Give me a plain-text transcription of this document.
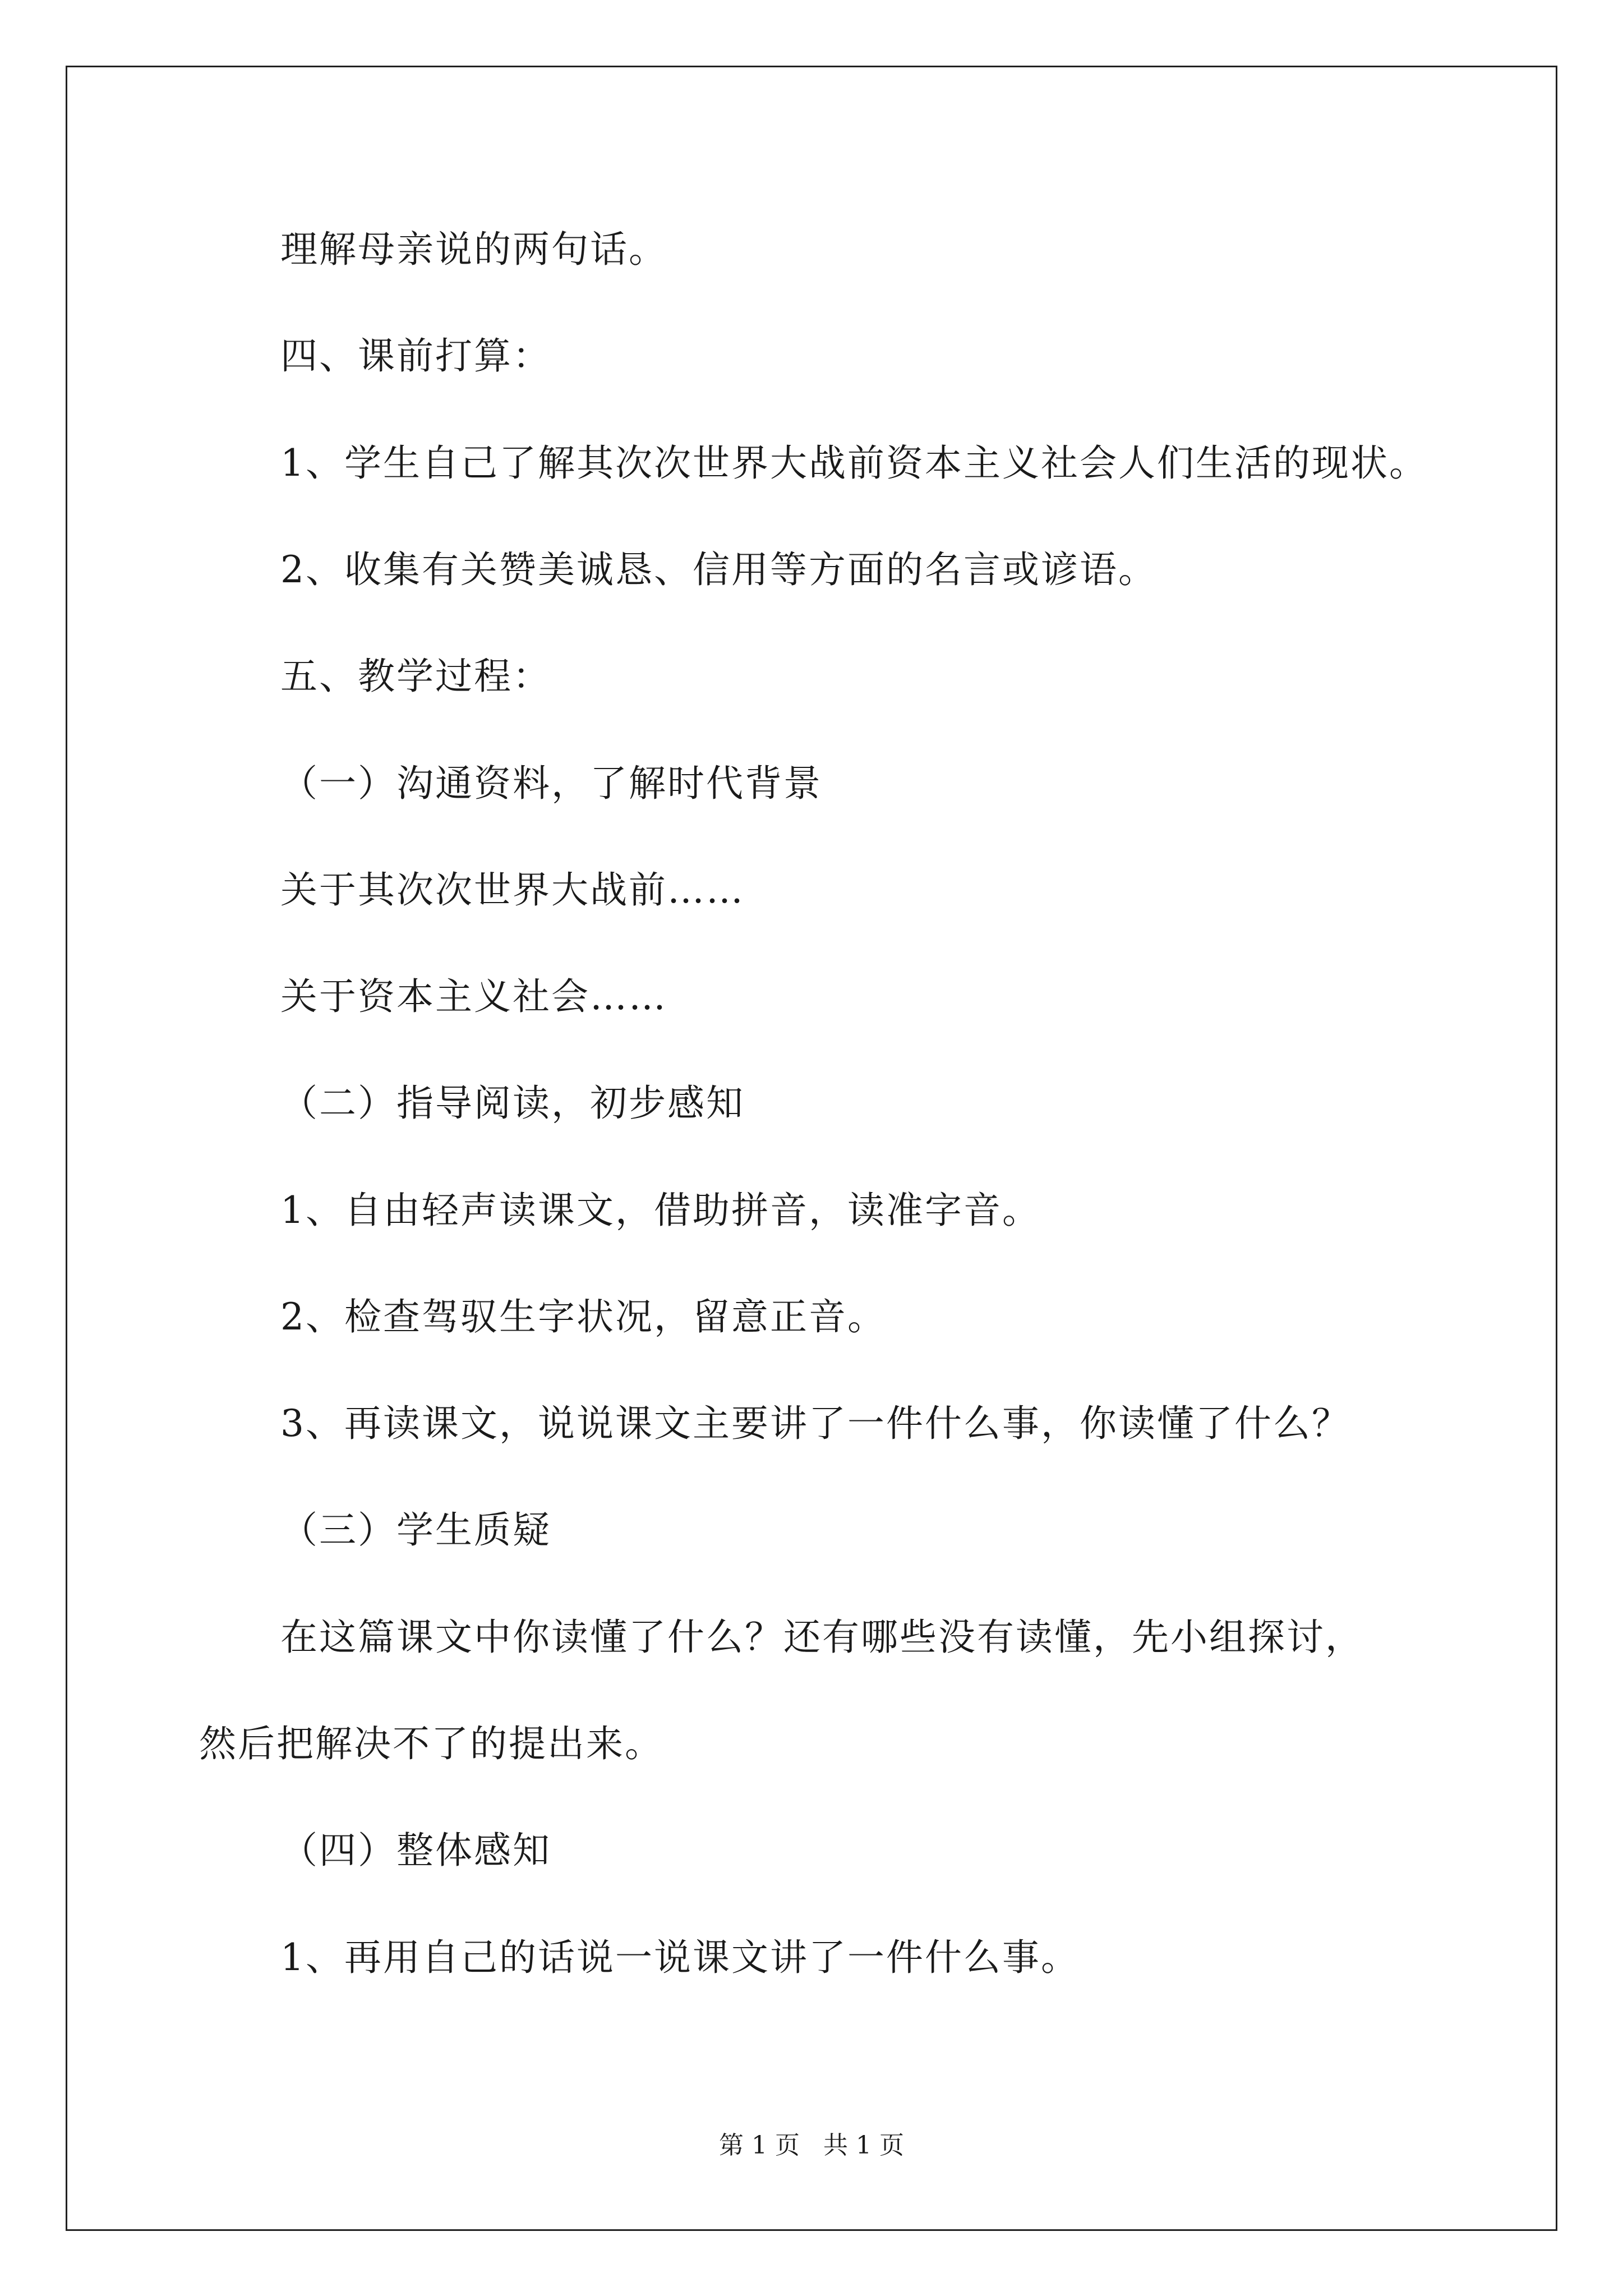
理解母亲说的两句话。

四、课前打算：

1、学生自己了解其次次世界大战前资本主义社会人们生活的现状。

2、收集有关赞美诚恳、信用等方面的名言或谚语。

五、教学过程：

（一）沟通资料，了解时代背景

关于其次次世界大战前……

关于资本主义社会……

（二）指导阅读，初步感知

1、自由轻声读课文，借助拼音，读准字音。

2、检查驾驭生字状况，留意正音。

3、再读课文，说说课文主要讲了一件什么事，你读懂了什么？

（三）学生质疑

在这篇课文中你读懂了什么？还有哪些没有读懂，先小组探讨，

然后把解决不了的提出来。

（四）整体感知

1、再用自己的话说一说课文讲了一件什么事。

第 1 页   共 1 页
